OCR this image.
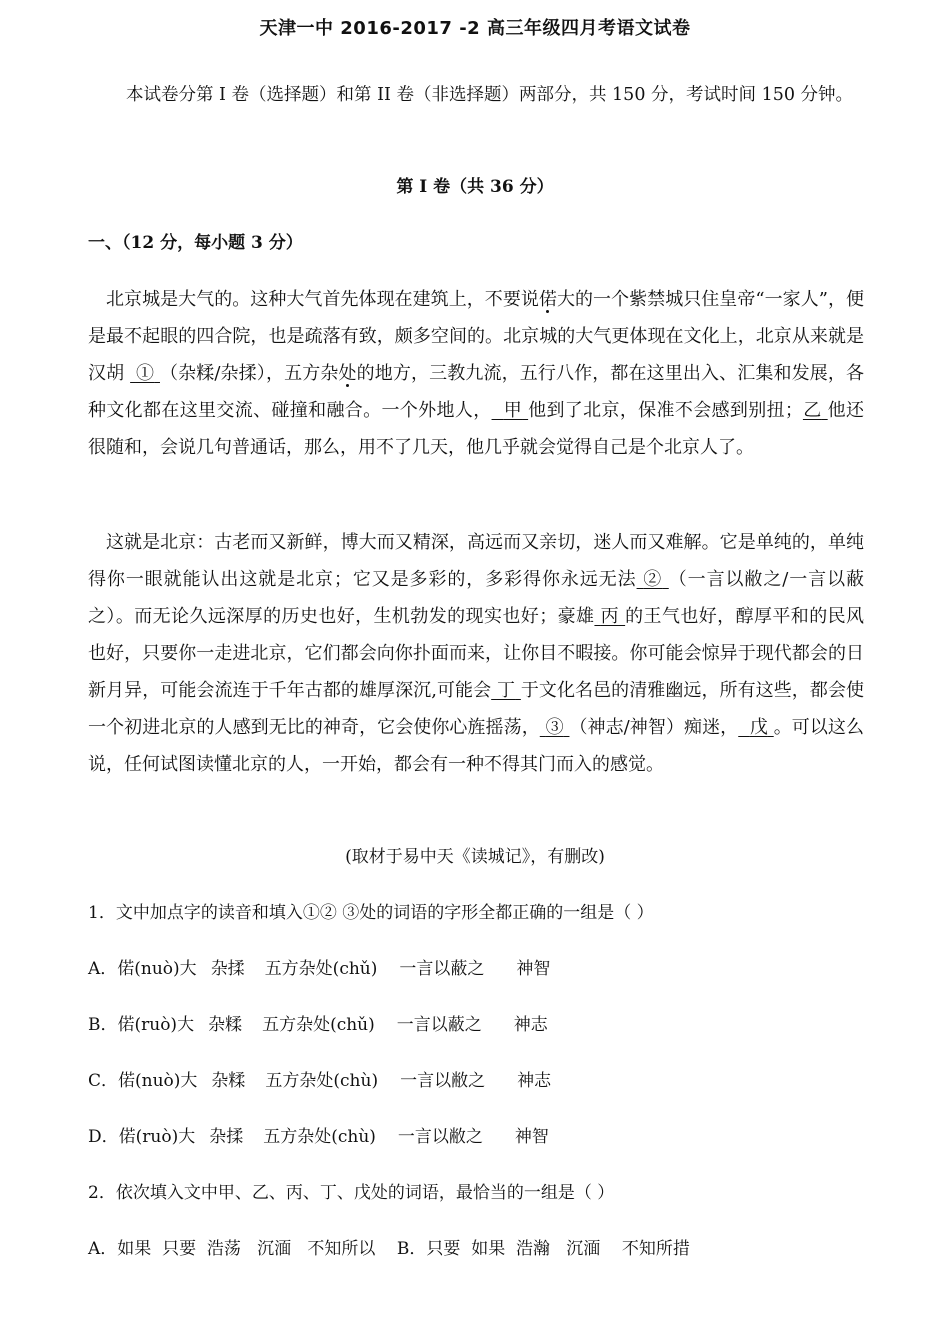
天津一中 2016-2017 -2 高三年级四月考语文试卷
本试卷分第 I 卷（选择题）和第 II 卷（非选择题）两部分，共 150 分，考试时间 150 分钟。
第 I 卷（共 36 分）
一、（12 分，每小题 3 分）
北京城是大气的。这种大气首先体现在建筑上，不要说偌大的一个紫禁城只住皇帝“一家人”，便是最不起眼的四合院，也是疏落有致，颇多空间的。北京城的大气更体现在文化上，北京从来就是汉胡 ① （杂糅/杂揉），五方杂处的地方，三教九流，五行八作，都在这里出入、汇集和发展，各种文化都在这里交流、碰撞和融合。一个外地人， 甲 他到了北京，保准不会感到别扭；乙 他还很随和，会说几句普通话，那么，用不了几天，他几乎就会觉得自己是个北京人了。
这就是北京：古老而又新鲜，博大而又精深，高远而又亲切，迷人而又难解。它是单纯的，单纯得你一眼就能认出这就是北京；它又是多彩的，多彩得你永远无法 ② （一言以敝之/一言以蔽之）。而无论久远深厚的历史也好，生机勃发的现实也好；豪雄 丙 的王气也好，醇厚平和的民风也好，只要你一走进北京，它们都会向你扑面而来，让你目不暇接。你可能会惊异于现代都会的日新月异，可能会流连于千年古都的雄厚深沉,可能会 丁 于文化名邑的清雅幽远，所有这些，都会使一个初进北京的人感到无比的神奇，它会使你心旌摇荡， ③ （神志/神智）痴迷， 戊 。可以这么说，任何试图读懂北京的人，一开始，都会有一种不得其门而入的感觉。
(取材于易中天《读城记》，有删改)
1．文中加点字的读音和填入①② ③处的词语的字形全都正确的一组是（ ）
A．偌(nuò)大 杂揉 五方杂处(chǔ) 一言以蔽之 神智
B．偌(ruò)大 杂糅 五方杂处(chǔ) 一言以蔽之 神志
C．偌(nuò)大 杂糅 五方杂处(chù) 一言以敝之 神志
D．偌(ruò)大 杂揉 五方杂处(chù) 一言以敝之 神智
2．依次填入文中甲、乙、丙、丁、戊处的词语，最恰当的一组是（ ）
A．如果  只要  浩荡   沉湎   不知所以    B．只要  如果  浩瀚   沉湎    不知所措
